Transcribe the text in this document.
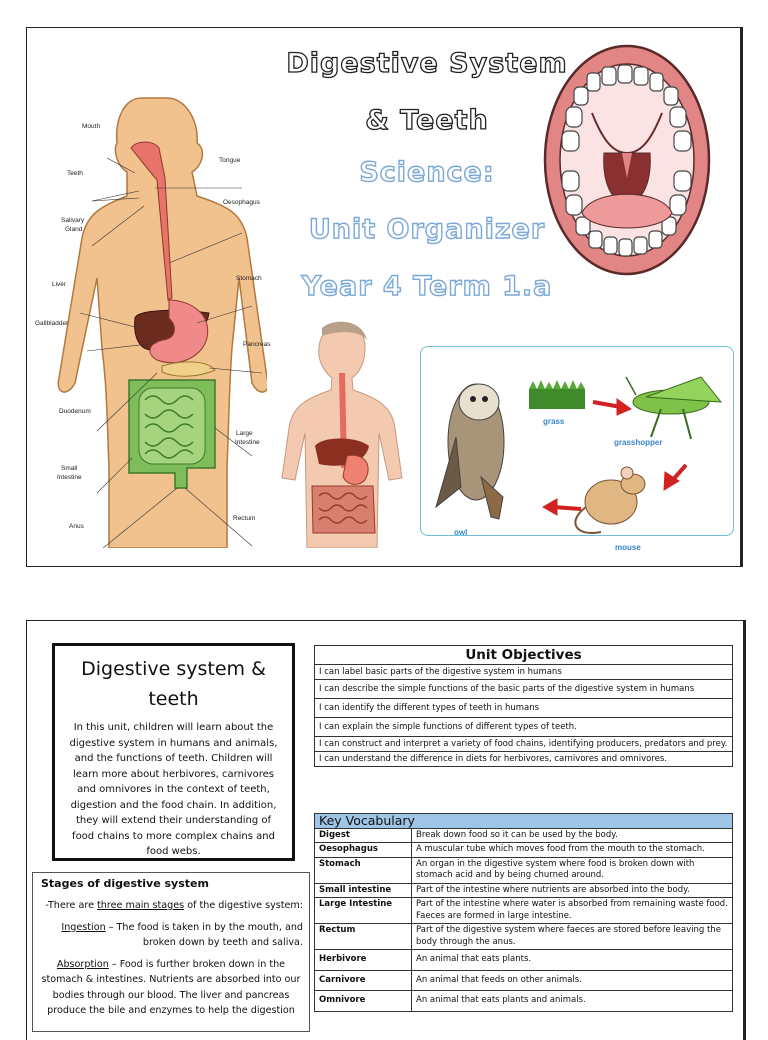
Digestive System
& Teeth
Science:
Unit Organizer
Year 4 Term 1.a
Mouth
Teeth
Salivary
Gland
Liver
Gallbladder
Duodenum
Small
Intestine
Anus
Tongue
Oesophagus
Stomach
Pancreas
Large
Intestine
Rectum
grass
grasshopper
mouse
owl
Digestive system & teeth
In this unit, children will learn about the digestive system in humans and animals, and the functions of teeth. Children will learn more about herbivores, carnivores and omnivores in the context of teeth, digestion and the food chain. In addition, they will extend their understanding of food chains to more complex chains and food webs.
Stages of digestive system

-There are three main stages of the digestive system:

Ingestion – The food is taken in by the mouth, and broken down by teeth and saliva.

Absorption – Food is further broken down in the stomach & intestines. Nutrients are absorbed into our bodies through our blood. The liver and pancreas produce the bile and enzymes to help the digestion

Unit Objectives
I can label basic parts of the digestive system in humans
I can describe the simple functions of the basic parts of the digestive system in humans
I can identify the different types of teeth in humans
I can explain the simple functions of different types of teeth.
I can construct and interpret a variety of food chains, identifying producers, predators and prey.
I can understand the difference in diets for herbivores, carnivores and omnivores.
Key Vocabulary	
Digest	Break down food so it can be used by the body.
Oesophagus	A muscular tube which moves food from the mouth to the stomach.
Stomach	An organ in the digestive system where food is broken down with stomach acid and by being churned around.
Small intestine	Part of the intestine where nutrients are absorbed into the body.
Large Intestine	Part of the intestine where water is absorbed from remaining waste food. Faeces are formed in large intestine.
Rectum	Part of the digestive system where faeces are stored before leaving the body through the anus.
Herbivore	An animal that eats plants.
Carnivore	An animal that feeds on other animals.
Omnivore	An animal that eats plants and animals.
